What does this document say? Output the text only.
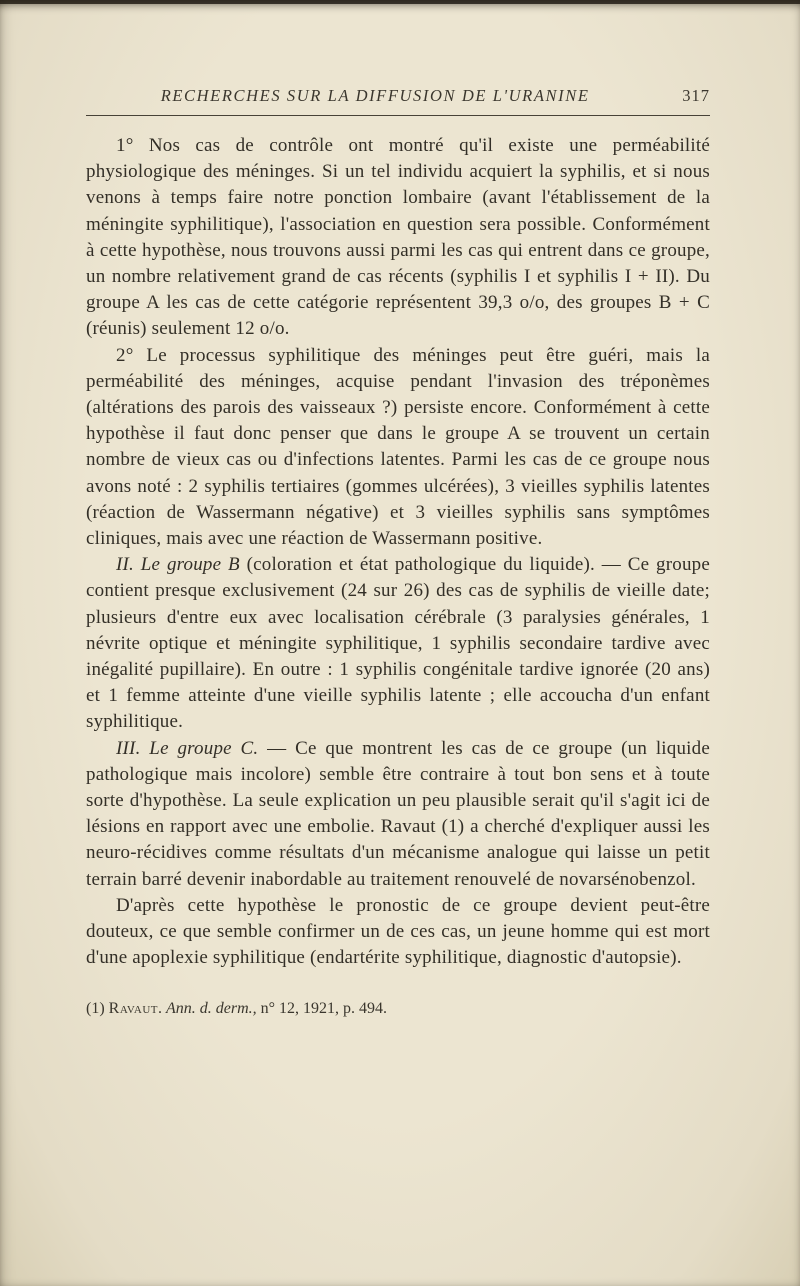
RECHERCHES SUR LA DIFFUSION DE L'URANINE	317

1° Nos cas de contrôle ont montré qu'il existe une perméabilité physiologique des méninges. Si un tel individu acquiert la syphilis, et si nous venons à temps faire notre ponction lombaire (avant l'établissement de la méningite syphilitique), l'association en question sera possible. Conformément à cette hypothèse, nous trouvons aussi parmi les cas qui entrent dans ce groupe, un nombre relativement grand de cas récents (syphilis I et syphilis I + II). Du groupe A les cas de cette catégorie représentent 39,3 o/o, des groupes B + C (réunis) seulement 12 o/o.

2° Le processus syphilitique des méninges peut être guéri, mais la perméabilité des méninges, acquise pendant l'invasion des tréponèmes (altérations des parois des vaisseaux ?) persiste encore. Conformément à cette hypothèse il faut donc penser que dans le groupe A se trouvent un certain nombre de vieux cas ou d'infections latentes. Parmi les cas de ce groupe nous avons noté : 2 syphilis tertiaires (gommes ulcérées), 3 vieilles syphilis latentes (réaction de Wassermann négative) et 3 vieilles syphilis sans symptômes cliniques, mais avec une réaction de Wassermann positive.

II. Le groupe B (coloration et état pathologique du liquide). — Ce groupe contient presque exclusivement (24 sur 26) des cas de syphilis de vieille date; plusieurs d'entre eux avec localisation cérébrale (3 paralysies générales, 1 névrite optique et méningite syphilitique, 1 syphilis secondaire tardive avec inégalité pupillaire). En outre : 1 syphilis congénitale tardive ignorée (20 ans) et 1 femme atteinte d'une vieille syphilis latente ; elle accoucha d'un enfant syphilitique.

III. Le groupe C. — Ce que montrent les cas de ce groupe (un liquide pathologique mais incolore) semble être contraire à tout bon sens et à toute sorte d'hypothèse. La seule explication un peu plausible serait qu'il s'agit ici de lésions en rapport avec une embolie. Ravaut (1) a cherché d'expliquer aussi les neuro-récidives comme résultats d'un mécanisme analogue qui laisse un petit terrain barré devenir inabordable au traitement renouvelé de novarsénobenzol.

D'après cette hypothèse le pronostic de ce groupe devient peut-être douteux, ce que semble confirmer un de ces cas, un jeune homme qui est mort d'une apoplexie syphilitique (endartérite syphilitique, diagnostic d'autopsie).

(1) Ravaut. Ann. d. derm., n° 12, 1921, p. 494.
